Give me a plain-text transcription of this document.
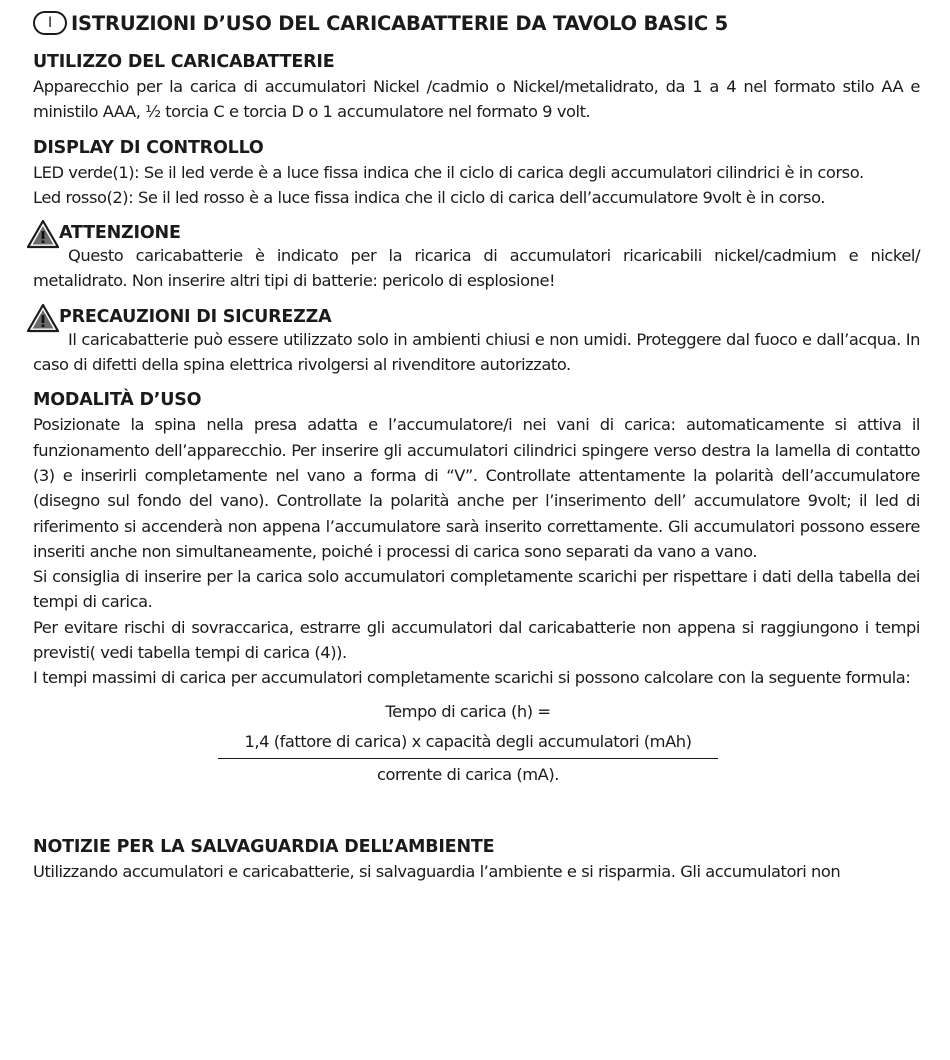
I ISTRUZIONI D’USO DEL CARICABATTERIE DA TAVOLO BASIC 5
UTILIZZO DEL CARICABATTERIE

Apparecchio per la carica di accumulatori Nickel /cadmio o Nickel/metalidrato, da 1 a 4 nel formato stilo AA e ministilo AAA, ½ torcia C e torcia D o 1 accumulatore nel formato 9 volt.

DISPLAY DI CONTROLLO

LED verde(1): Se il led verde è a luce fissa indica che il ciclo di carica degli accumulatori cilindrici è in corso.

Led rosso(2): Se il led rosso è a luce fissa indica che il ciclo di carica dell’accumulatore 9volt è in corso.

ATTENZIONE

Questo caricabatterie è indicato per la ricarica di accumulatori ricaricabili nickel/cadmium e nickel/ metalidrato. Non inserire altri tipi di batterie: pericolo di esplosione!

PRECAUZIONI DI SICUREZZA

Il caricabatterie può essere utilizzato solo in ambienti chiusi e non umidi. Proteggere dal fuoco e dall’acqua. In caso di difetti della spina elettrica rivolgersi al rivenditore autorizzato.

MODALITÀ D’USO

Posizionate la spina nella presa adatta e l’accumulatore/i nei vani di carica: automaticamente si attiva il funzionamento dell’apparecchio. Per inserire gli accumulatori cilindrici spingere verso destra la lamella di contatto (3) e inserirli completamente nel vano a forma di “V”. Controllate attentamente la polarità dell’accumulatore (disegno sul fondo del vano). Controllate la polarità anche per l’inserimento dell’ accumulatore 9volt; il led di riferimento si accenderà non appena l’accumulatore sarà inserito correttamente. Gli accumulatori possono essere inseriti anche non simultaneamente, poiché i processi di carica sono separati da vano a vano.

Si consiglia di inserire per la carica solo accumulatori completamente scarichi per rispettare i dati della tabella dei tempi di carica.

Per evitare rischi di sovraccarica, estrarre gli accumulatori dal caricabatterie non appena si raggiungono i tempi previsti( vedi tabella tempi di carica (4)).

I tempi massimi di carica per accumulatori completamente scarichi si possono calcolare con la seguente formula:

Tempo di carica (h) =
1,4 (fattore di carica) x capacità degli accumulatori (mAh)
corrente di carica (mA).
NOTIZIE PER LA SALVAGUARDIA DELL’AMBIENTE

Utilizzando accumulatori e caricabatterie, si salvaguardia l’ambiente e si risparmia. Gli accumulatori non
